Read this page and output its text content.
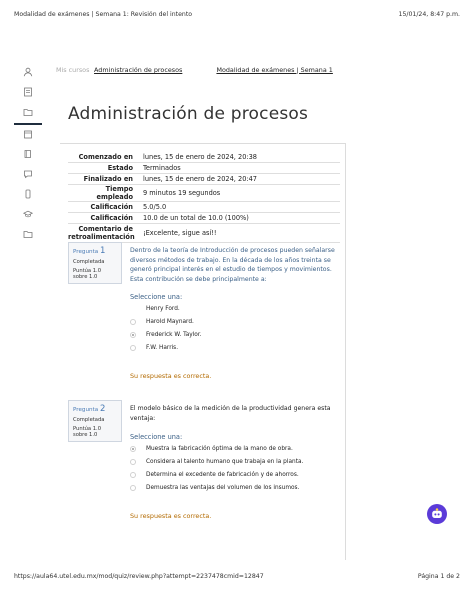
Modalidad de exámenes | Semana 1: Revisión del intento	15/01/24, 8:47 p.m.
Mis cursos Administración de procesos	Modalidad de exámenes | Semana 1
Administración de procesos
Comenzado en	lunes, 15 de enero de 2024, 20:38
Estado	Terminados
Finalizado en	lunes, 15 de enero de 2024, 20:47
Tiempo empleado	9 minutos 19 segundos
Calificación	5.0/5.0
Calificación	10.0 de un total de 10.0 (100%)
Comentario de retroalimentación	¡Excelente, sigue así!!
Pregunta 1
Completada
Puntúa 1.0
sobre 1.0
Dentro de la teoría de Introducción de procesos pueden señalarse diversos métodos de trabajo. En la década de los años treinta se generó principal interés en el estudio de tiempos y movimientos. Esta contribución se debe principalmente a:
Seleccione una:
Henry Ford.
Harold Maynard.
Frederick W. Taylor.
F.W. Harris.
Su respuesta es correcta.
Pregunta 2
Completada
Puntúa 1.0
sobre 1.0
El modelo básico de la medición de la productividad genera esta ventaja:
Seleccione una:
Muestra la fabricación óptima de la mano de obra.
Considera al talento humano que trabaja en la planta.
Determina el excedente de fabricación y de ahorros.
Demuestra las ventajas del volumen de los insumos.
Su respuesta es correcta.
https://aula64.utel.edu.mx/mod/quiz/review.php?attempt=2237478cmid=12847	Página 1 de 2
